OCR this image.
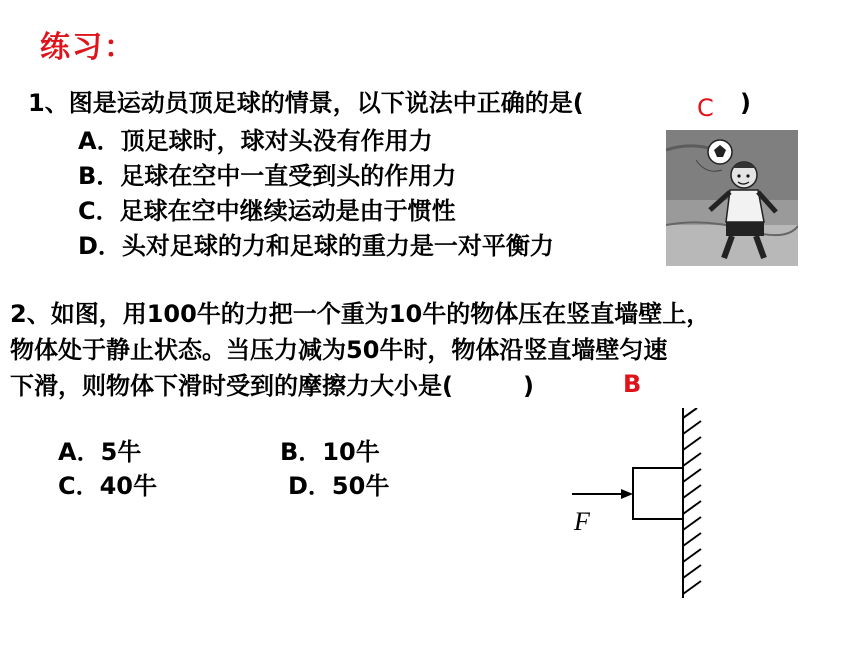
练习：
1、图是运动员顶足球的情景，以下说法中正确的是(	C )
A．顶足球时，球对头没有作用力
B．足球在空中一直受到头的作用力
C．足球在空中继续运动是由于惯性
D．头对足球的力和足球的重力是一对平衡力
2、如图，用100牛的力把一个重为10牛的物体压在竖直墙壁上，
物体处于静止状态。当压力减为50牛时，物体沿竖直墙壁匀速
下滑，则物体下滑时受到的摩擦力大小是(	)	B
A．5牛	B．10牛
C．40牛	D．50牛
F
